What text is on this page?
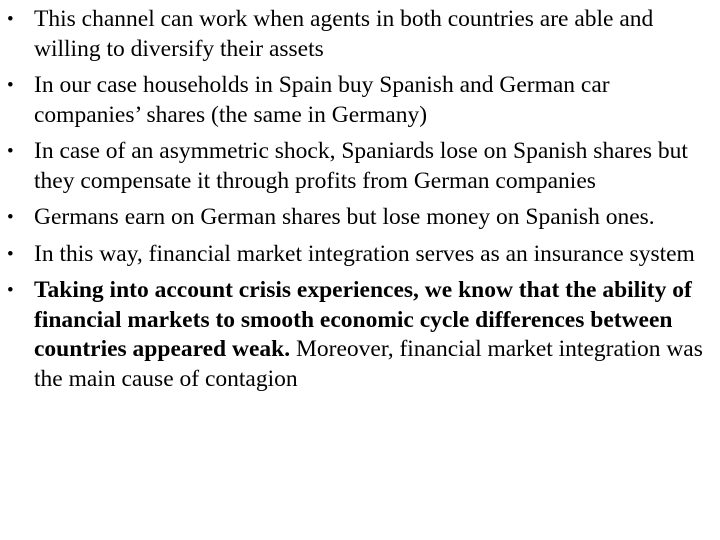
• This channel can work when agents in both countries are able and willing to diversify their assets
• In our case households in Spain buy Spanish and German car companies’ shares (the same in Germany)
• In case of an asymmetric shock, Spaniards lose on Spanish shares but they compensate it through profits from German companies
• Germans earn on German shares but lose money on Spanish ones.
• In this way, financial market integration serves as an insurance system
• Taking into account crisis experiences, we know that the ability of financial markets to smooth economic cycle differences between countries appeared weak. Moreover, financial market integration was the main cause of contagion
